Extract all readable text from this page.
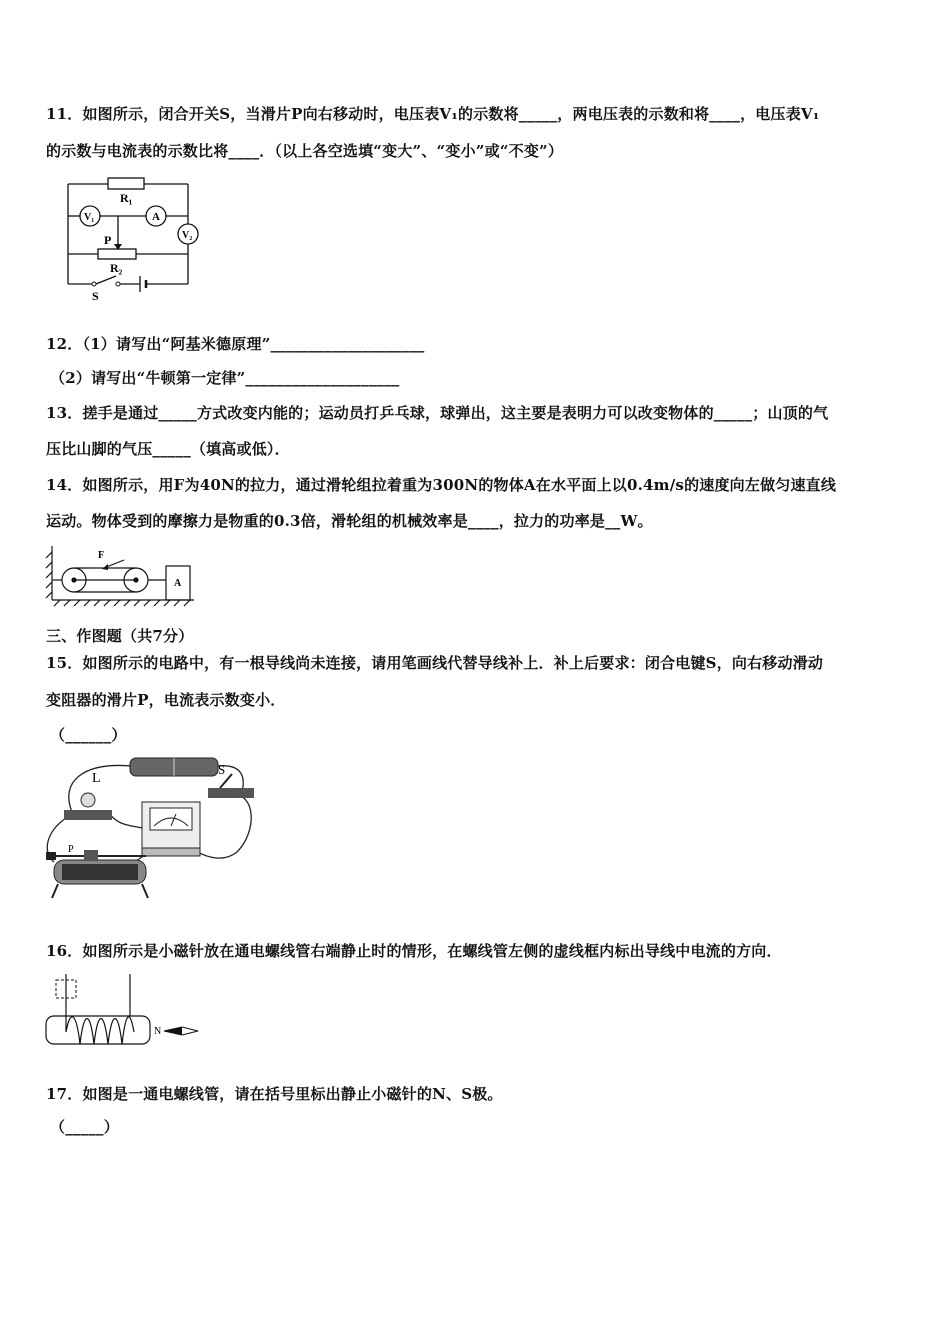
11．如图所示，闭合开关S，当滑片P向右移动时，电压表V₁的示数将_____，两电压表的示数和将____，电压表V₁
的示数与电流表的示数比将____．（以上各空选填“变大”、“变小”或“不变”）
R₁
V₁	A
V₂
P
R₂
S
12．（1）请写出“阿基米德原理”____________________
（2）请写出“牛顿第一定律”____________________
13．搓手是通过_____方式改变内能的；运动员打乒乓球，球弹出，这主要是表明力可以改变物体的_____；山顶的气
压比山脚的气压_____（填高或低）．
14．如图所示，用F为40N的拉力，通过滑轮组拉着重为300N的物体A在水平面上以0.4m/s的速度向左做匀速直线
运动。物体受到的摩擦力是物重的0.3倍，滑轮组的机械效率是____，拉力的功率是__W。
F
A
三、作图题（共7分）
15．如图所示的电路中，有一根导线尚未连接，请用笔画线代替导线补上．补上后要求：闭合电键S，向右移动滑动
变阻器的滑片P，电流表示数变小．
（______）
L
S
P
16．如图所示是小磁针放在通电螺线管右端静止时的情形，在螺线管左侧的虚线框内标出导线中电流的方向．
N
17．如图是一通电螺线管，请在括号里标出静止小磁针的N、S极。
（_____）
